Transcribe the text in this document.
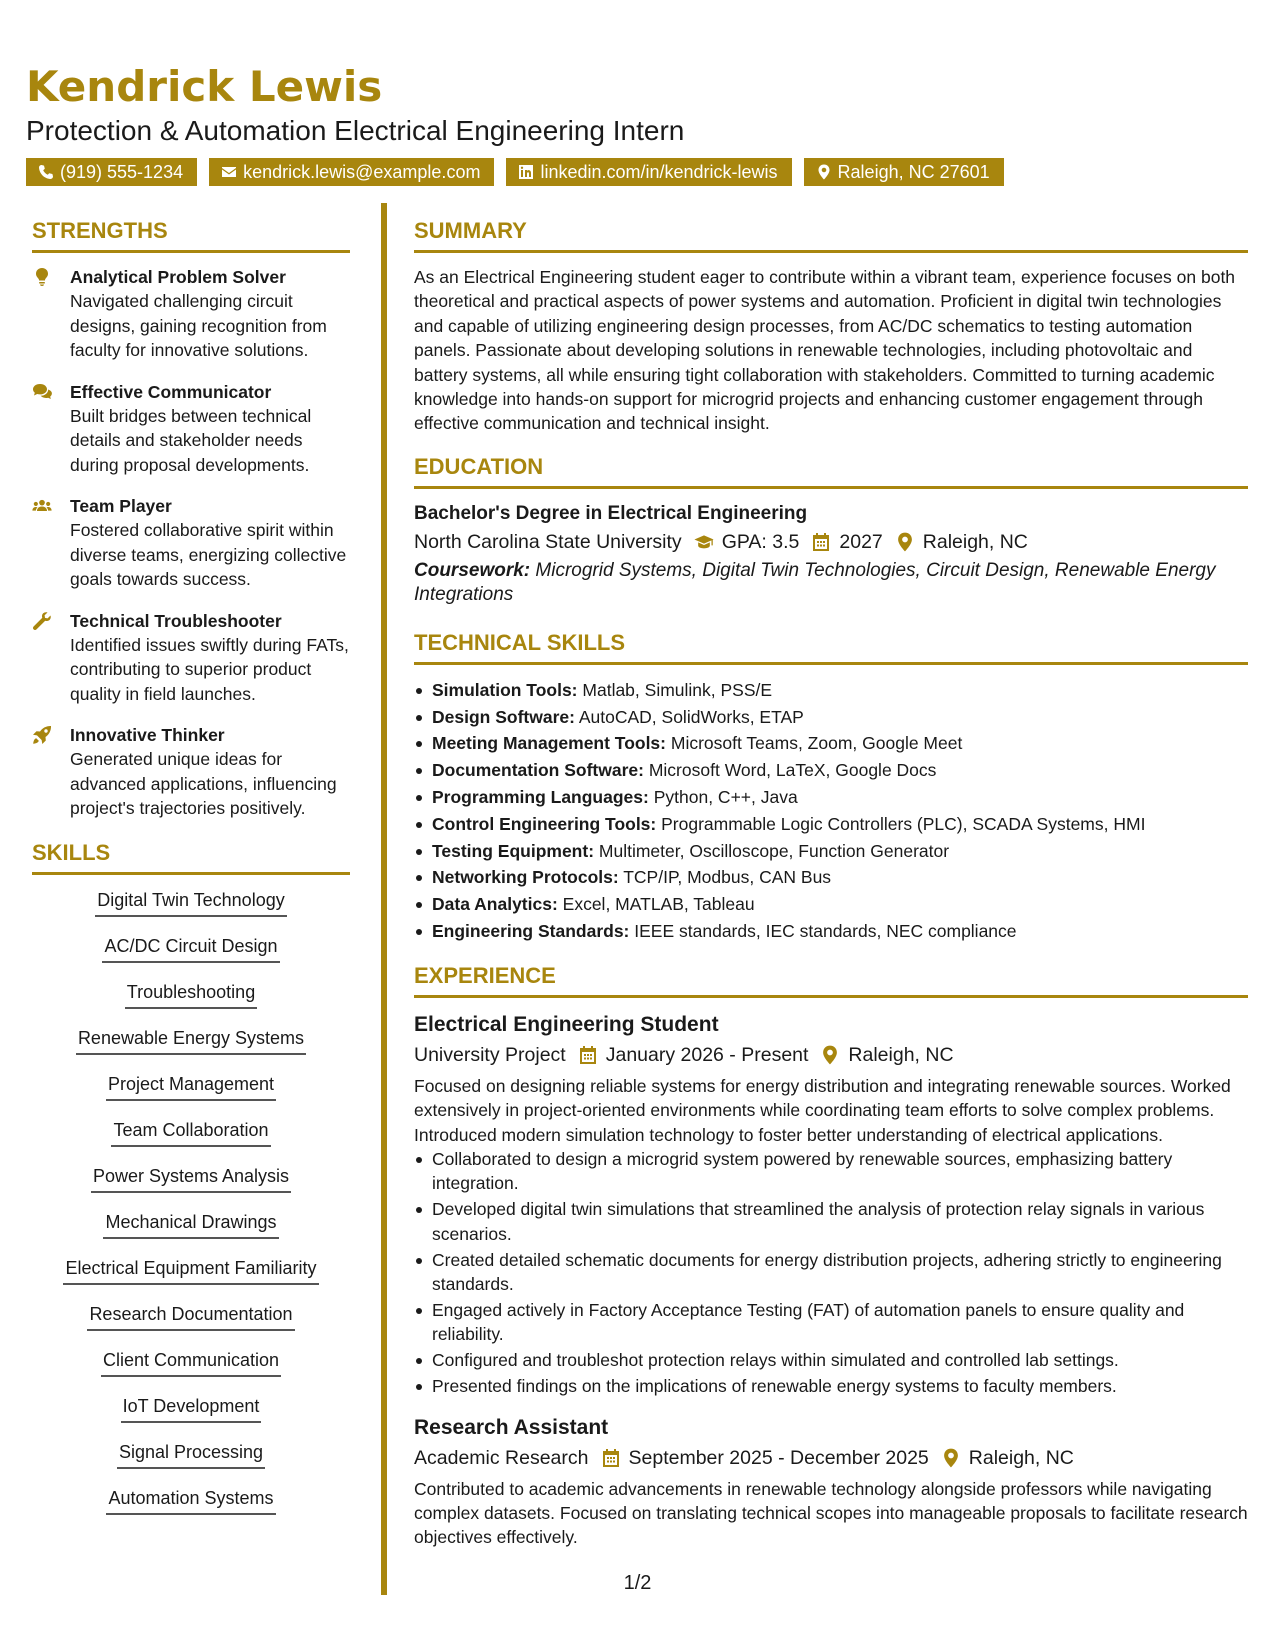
Kendrick Lewis
Protection & Automation Electrical Engineering Intern
(919) 555-1234	kendrick.lewis@example.com	linkedin.com/in/kendrick-lewis	Raleigh, NC 27601
STRENGTHS
Analytical Problem Solver
Navigated challenging circuit designs, gaining recognition from faculty for innovative solutions.
Effective Communicator
Built bridges between technical details and stakeholder needs during proposal developments.
Team Player
Fostered collaborative spirit within diverse teams, energizing collective goals towards success.
Technical Troubleshooter
Identified issues swiftly during FATs, contributing to superior product quality in field launches.
Innovative Thinker
Generated unique ideas for advanced applications, influencing project's trajectories positively.
SKILLS
Digital Twin Technology
AC/DC Circuit Design
Troubleshooting
Renewable Energy Systems
Project Management
Team Collaboration
Power Systems Analysis
Mechanical Drawings
Electrical Equipment Familiarity
Research Documentation
Client Communication
IoT Development
Signal Processing
Automation Systems
SUMMARY
As an Electrical Engineering student eager to contribute within a vibrant team, experience focuses on both theoretical and practical aspects of power systems and automation. Proficient in digital twin technologies and capable of utilizing engineering design processes, from AC/DC schematics to testing automation panels. Passionate about developing solutions in renewable technologies, including photovoltaic and battery systems, all while ensuring tight collaboration with stakeholders. Committed to turning academic knowledge into hands-on support for microgrid projects and enhancing customer engagement through effective communication and technical insight.
EDUCATION
Bachelor's Degree in Electrical Engineering
North Carolina State University GPA: 3.5 2027 Raleigh, NC
Coursework: Microgrid Systems, Digital Twin Technologies, Circuit Design, Renewable Energy Integrations
TECHNICAL SKILLS
Simulation Tools: Matlab, Simulink, PSS/E
Design Software: AutoCAD, SolidWorks, ETAP
Meeting Management Tools: Microsoft Teams, Zoom, Google Meet
Documentation Software: Microsoft Word, LaTeX, Google Docs
Programming Languages: Python, C++, Java
Control Engineering Tools: Programmable Logic Controllers (PLC), SCADA Systems, HMI
Testing Equipment: Multimeter, Oscilloscope, Function Generator
Networking Protocols: TCP/IP, Modbus, CAN Bus
Data Analytics: Excel, MATLAB, Tableau
Engineering Standards: IEEE standards, IEC standards, NEC compliance
EXPERIENCE
Electrical Engineering Student
University Project January 2026 - Present Raleigh, NC
Focused on designing reliable systems for energy distribution and integrating renewable sources. Worked extensively in project-oriented environments while coordinating team efforts to solve complex problems. Introduced modern simulation technology to foster better understanding of electrical applications.
Collaborated to design a microgrid system powered by renewable sources, emphasizing battery integration.
Developed digital twin simulations that streamlined the analysis of protection relay signals in various scenarios.
Created detailed schematic documents for energy distribution projects, adhering strictly to engineering standards.
Engaged actively in Factory Acceptance Testing (FAT) of automation panels to ensure quality and reliability.
Configured and troubleshot protection relays within simulated and controlled lab settings.
Presented findings on the implications of renewable energy systems to faculty members.
Research Assistant
Academic Research September 2025 - December 2025 Raleigh, NC
Contributed to academic advancements in renewable technology alongside professors while navigating complex datasets. Focused on translating technical scopes into manageable proposals to facilitate research objectives effectively.
1/2
